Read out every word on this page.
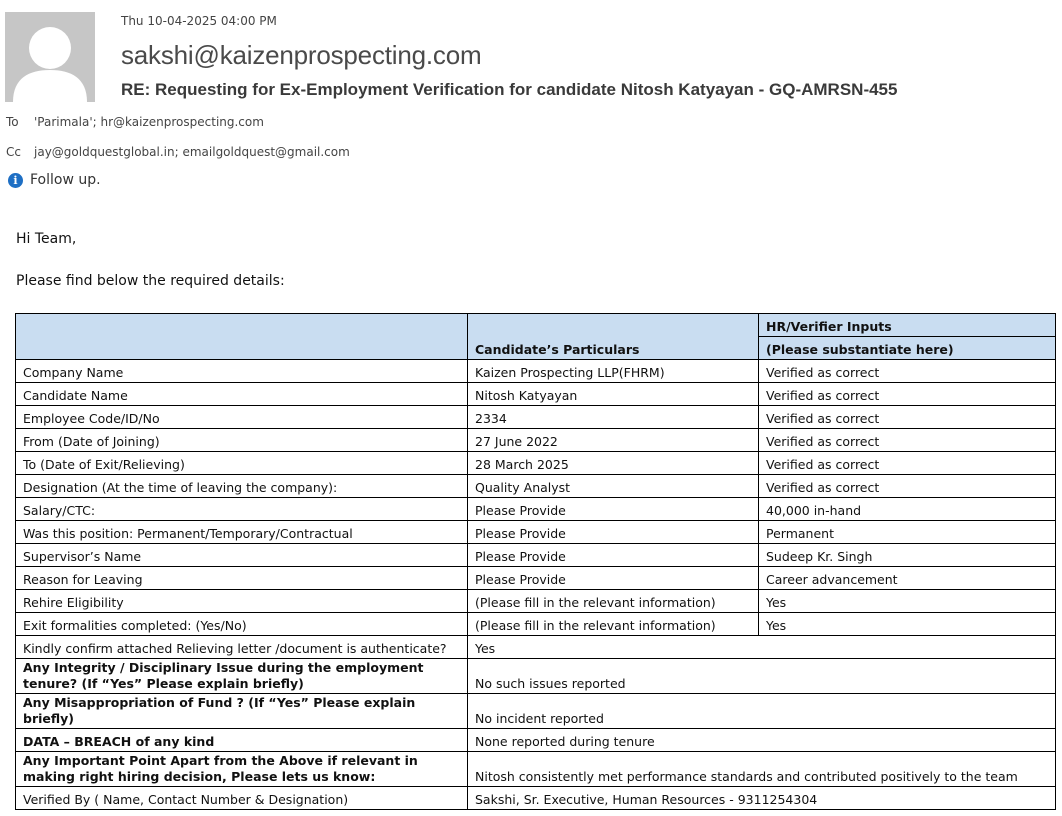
Thu 10-04-2025 04:00 PM
sakshi@kaizenprospecting.com
RE: Requesting for Ex-Employment Verification for candidate Nitosh Katyayan - GQ-AMRSN-455
To 'Parimala'; hr@kaizenprospecting.com
Cc jay@goldquestglobal.in; emailgoldquest@gmail.com
i Follow up.
Hi Team,
Please find below the required details:
	Candidate’s Particulars	HR/Verifier Inputs
		(Please substantiate here)
Company Name	Kaizen Prospecting LLP(FHRM)	Verified as correct
Candidate Name	Nitosh Katyayan	Verified as correct
Employee Code/ID/No	2334	Verified as correct
From (Date of Joining)	27 June 2022	Verified as correct
To (Date of Exit/Relieving)	28 March 2025	Verified as correct
Designation (At the time of leaving the company):	Quality Analyst	Verified as correct
Salary/CTC:	Please Provide	40,000 in-hand
Was this position: Permanent/Temporary/Contractual	Please Provide	Permanent
Supervisor’s Name	Please Provide	Sudeep Kr. Singh
Reason for Leaving	Please Provide	Career advancement
Rehire Eligibility	(Please fill in the relevant information)	Yes
Exit formalities completed: (Yes/No)	(Please fill in the relevant information)	Yes
Kindly confirm attached Relieving letter /document is authenticate?	Yes	
Any Integrity / Disciplinary Issue during the employment tenure? (If “Yes” Please explain briefly)	No such issues reported	
Any Misappropriation of Fund ? (If “Yes” Please explain briefly)	No incident reported	
DATA – BREACH of any kind	None reported during tenure	
Any Important Point Apart from the Above if relevant in making right hiring decision, Please lets us know:	Nitosh consistently met performance standards and contributed positively to the team	
Verified By ( Name, Contact Number & Designation)	Sakshi, Sr. Executive, Human Resources - 9311254304	
